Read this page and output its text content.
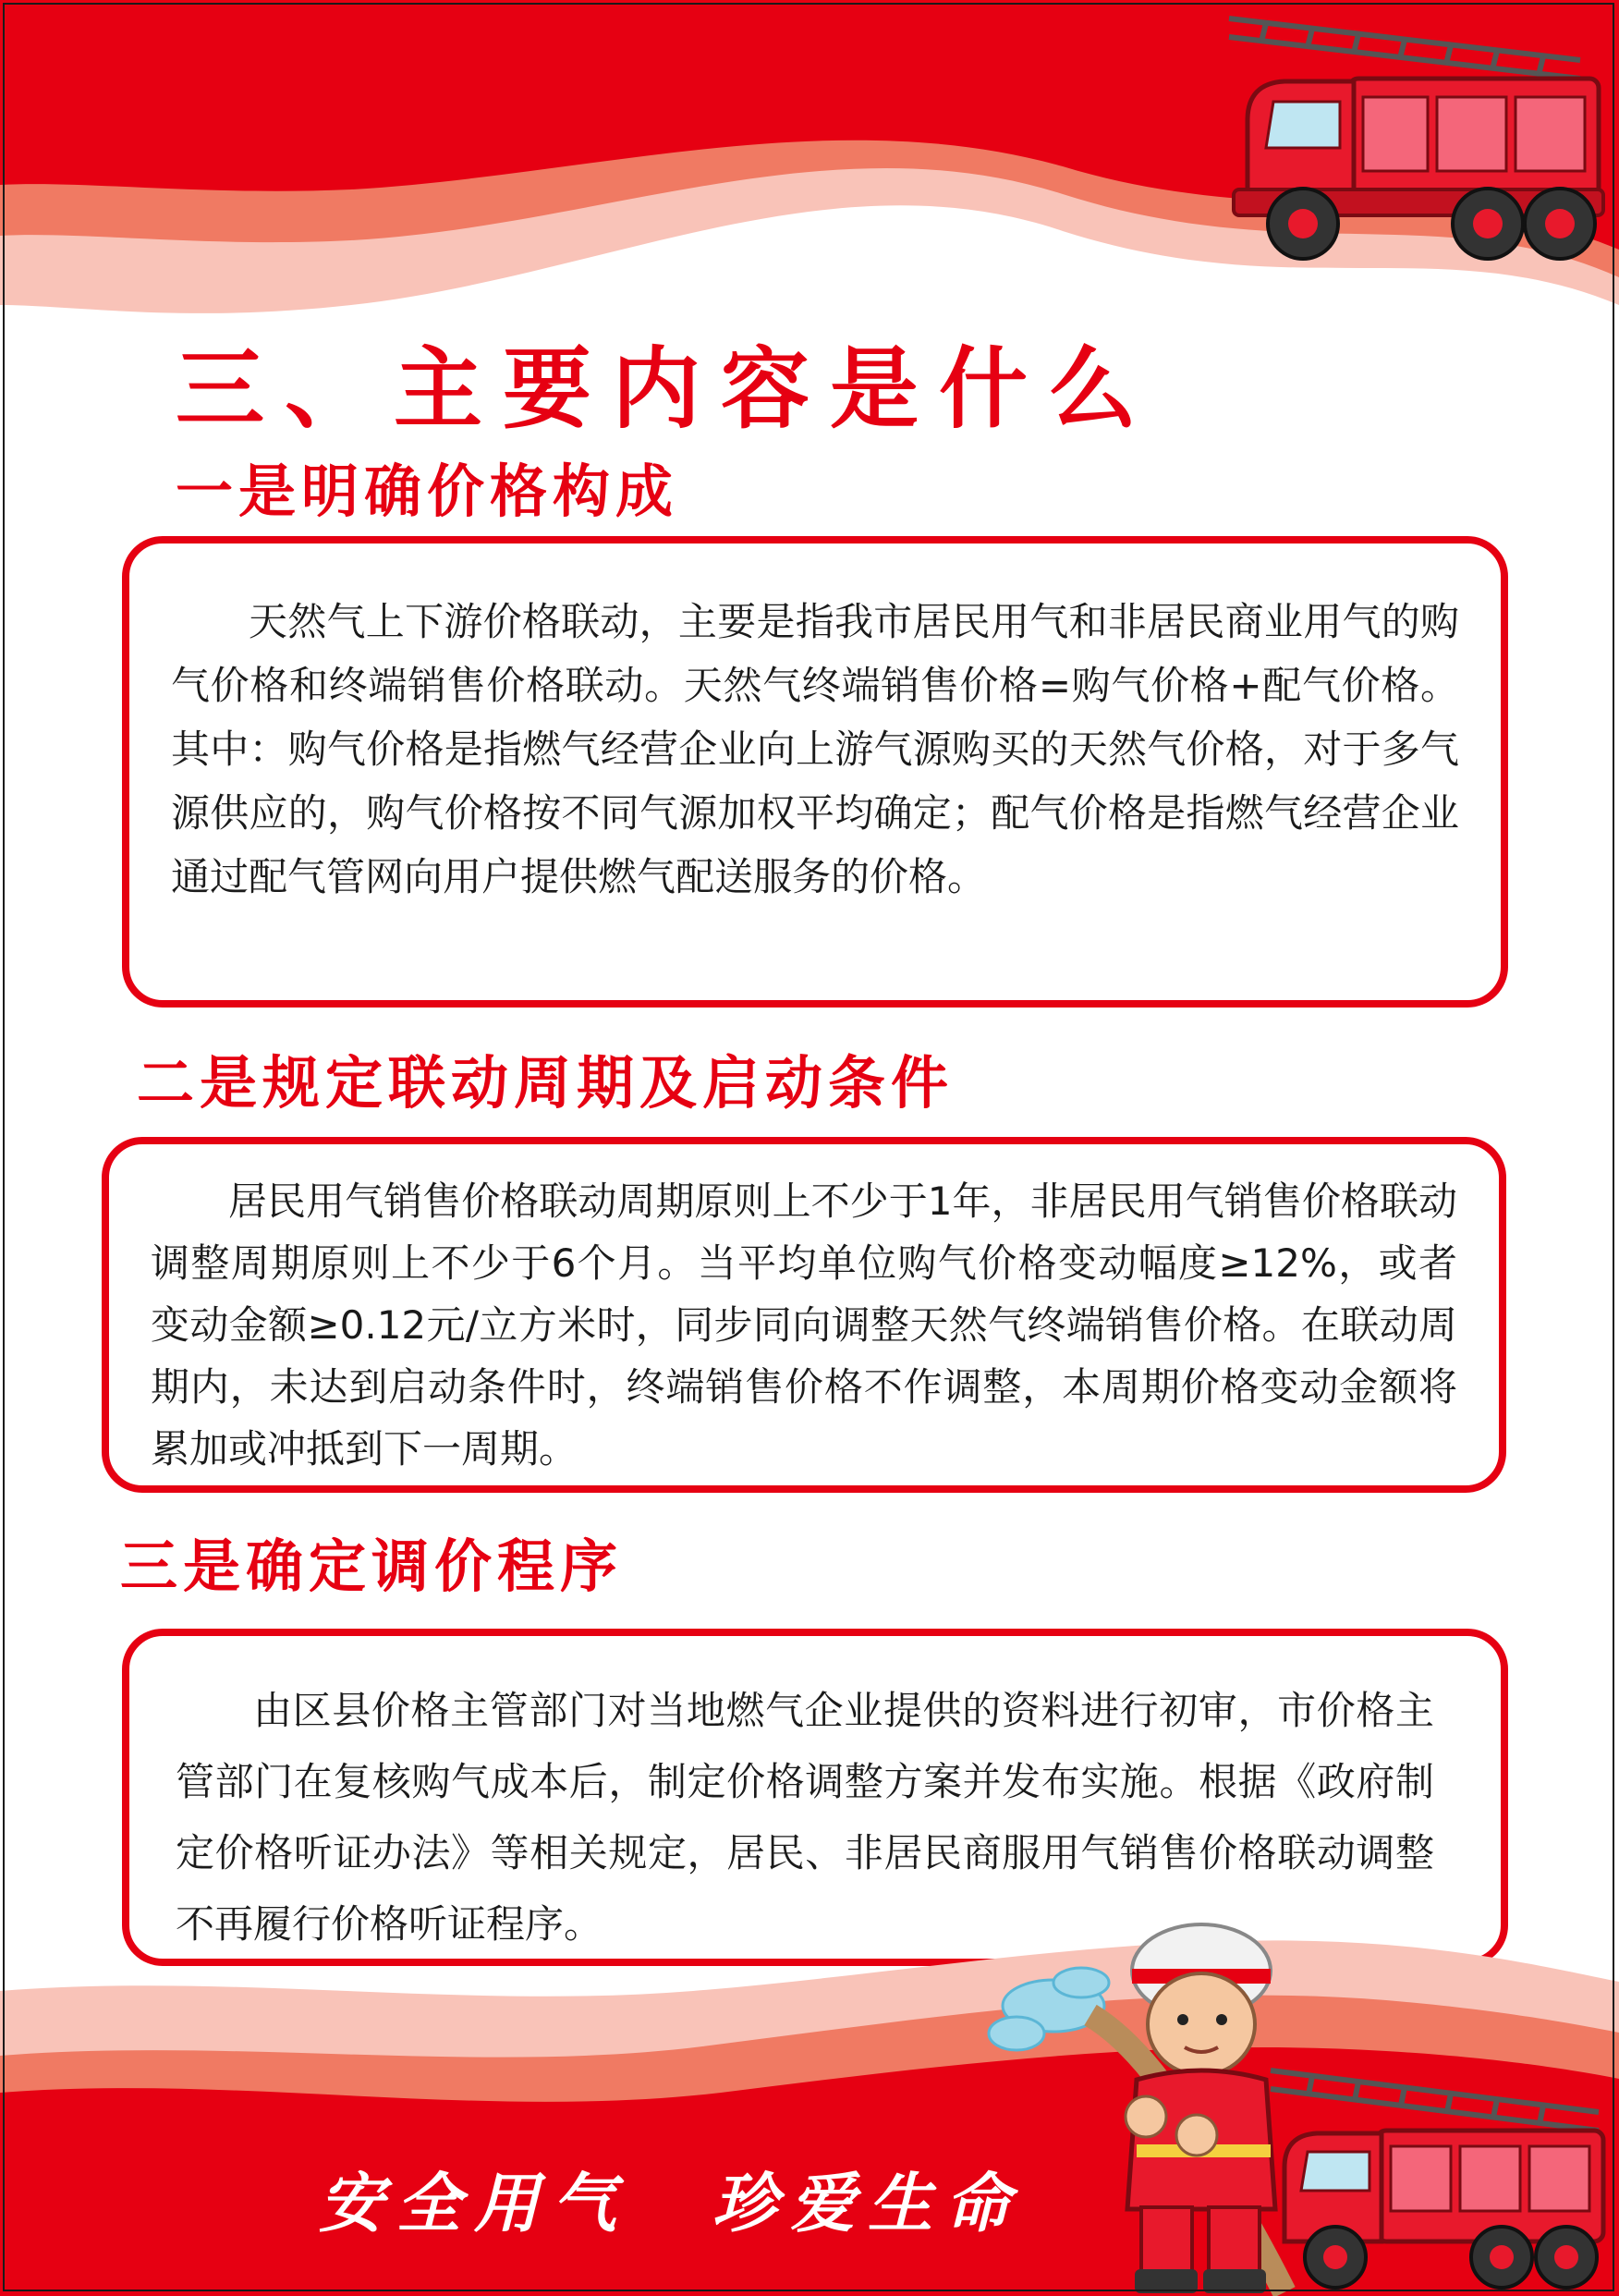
三、主要内容是什么
一是明确价格构成

天然气上下游价格联动，主要是指我市居民用气和非居民商业用气的购气价格和终端销售价格联动。天然气终端销售价格=购气价格+配气价格。其中：购气价格是指燃气经营企业向上游气源购买的天然气价格，对于多气源供应的，购气价格按不同气源加权平均确定；配气价格是指燃气经营企业通过配气管网向用户提供燃气配送服务的价格。

二是规定联动周期及启动条件

居民用气销售价格联动周期原则上不少于1年，非居民用气销售价格联动调整周期原则上不少于6个月。当平均单位购气价格变动幅度≥12%，或者变动金额≥0.12元/立方米时，同步同向调整天然气终端销售价格。在联动周期内，未达到启动条件时，终端销售价格不作调整，本周期价格变动金额将累加或冲抵到下一周期。

三是确定调价程序

由区县价格主管部门对当地燃气企业提供的资料进行初审，市价格主管部门在复核购气成本后，制定价格调整方案并发布实施。根据《政府制定价格听证办法》等相关规定，居民、非居民商服用气销售价格联动调整不再履行价格听证程序。

安全用气 珍爱生命
